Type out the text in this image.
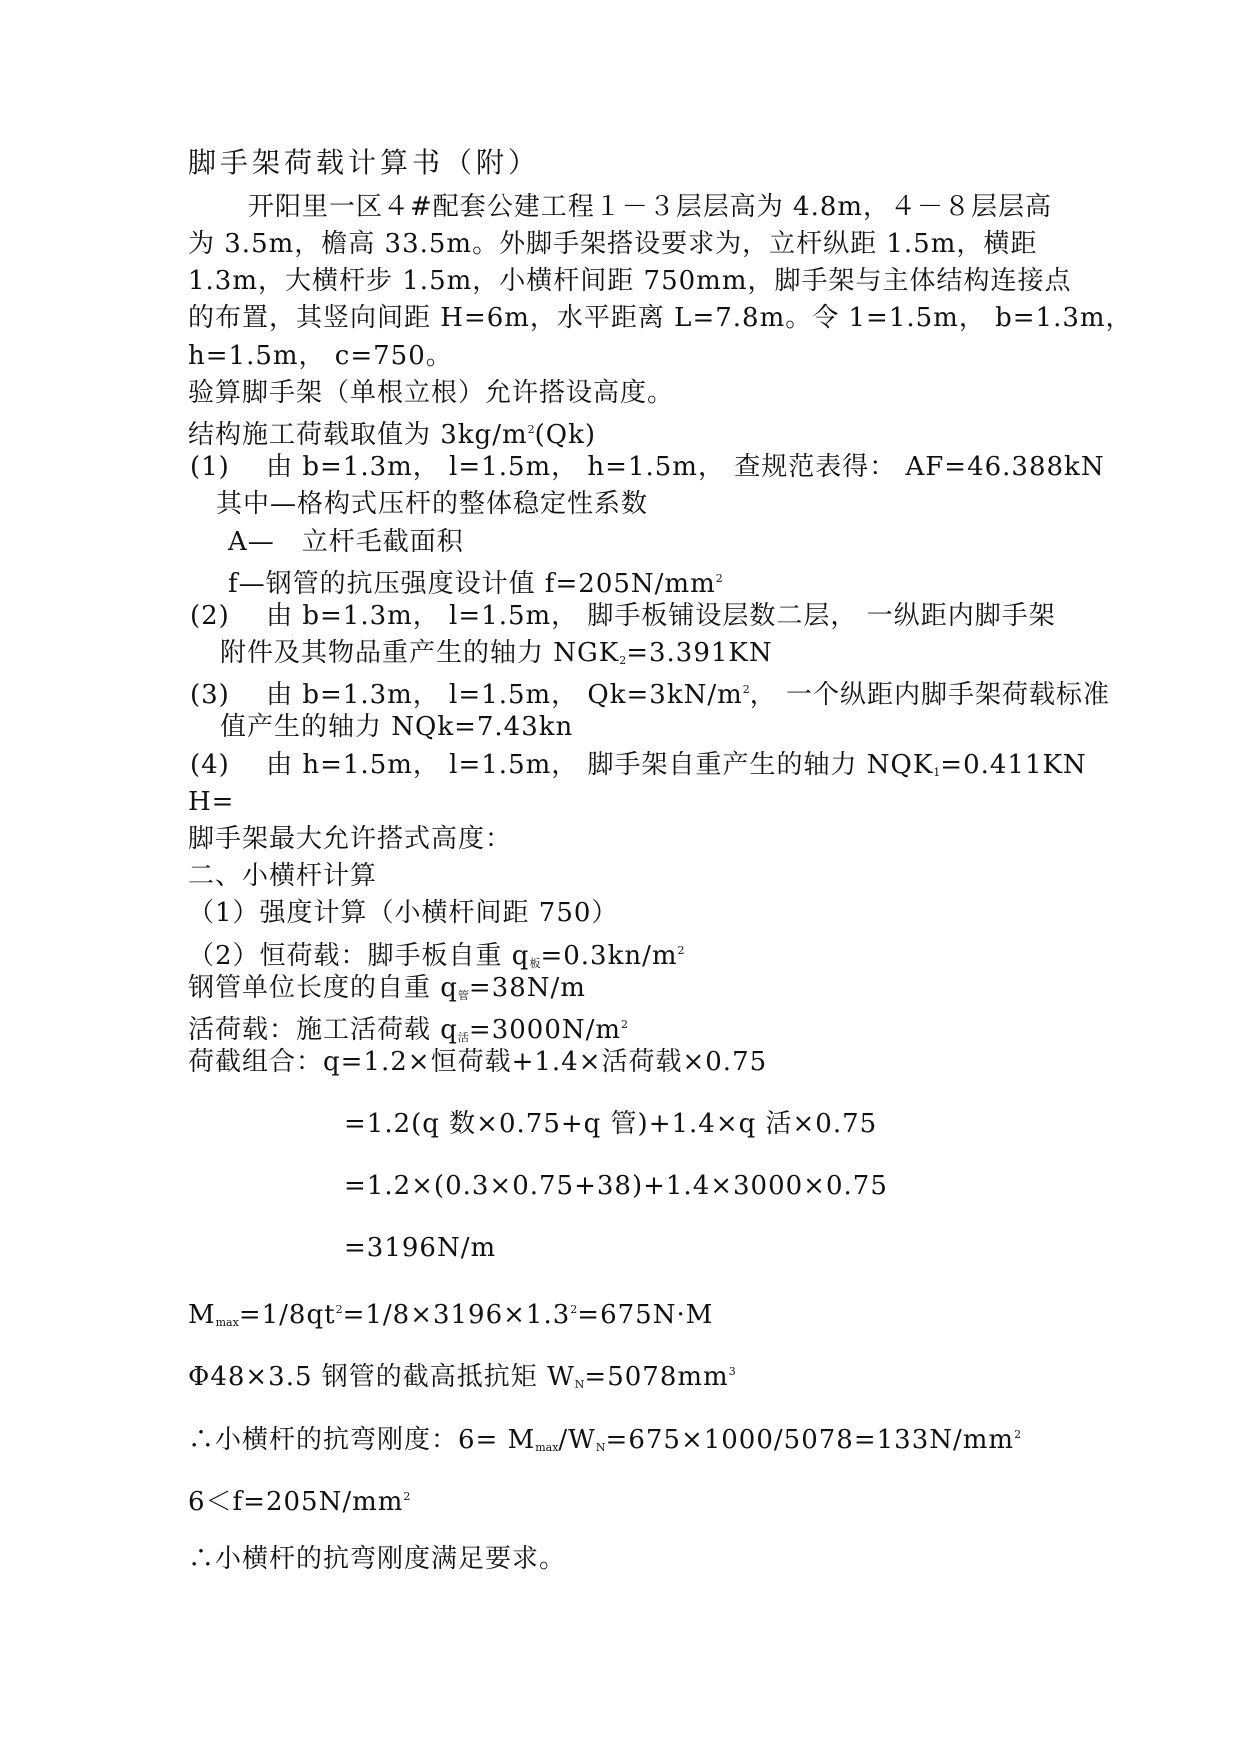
脚手架荷载计算书（附）
开阳里一区４#配套公建工程１－３层层高为 4.8m，４－８层层高
为 3.5m，檐高 33.5m。外脚手架搭设要求为，立杆纵距 1.5m，横距
1.3m，大横杆步 1.5m，小横杆间距 750mm，脚手架与主体结构连接点
的布置，其竖向间距 H=6m，水平距离 L=7.8m。令 1=1.5m， b=1.3m，
h=1.5m， c=750。
验算脚手架（单根立根）允许搭设高度。
结构施工荷载取值为 $3kg/m^2(Qk)$
(1)　 由 b=1.3m， l=1.5m， h=1.5m， 查规范表得： AF=46.388kN
其中—格构式压杆的整体稳定性系数
A—　立杆毛截面积
f—钢管的抗压强度设计值 $f=205N/mm^2$
(2)　 由 b=1.3m， l=1.5m， 脚手板铺设层数二层， 一纵距内脚手架
附件及其物品重产生的轴力 $NGK_2=3.391KN$
(3)　 由 b=1.3m， l=1.5m， $Qk=3kN/m^2$， 一个纵距内脚手架荷载标准
值产生的轴力 NQk=7.43kn
(4)　 由 h=1.5m， l=1.5m， 脚手架自重产生的轴力 $NQK_1=0.411KN$
H=
脚手架最大允许搭式高度：
二、小横杆计算
（1）强度计算（小横杆间距 750）
（2）恒荷载：脚手板自重 $q_板=0.3kn/m^2$
钢管单位长度的自重 $q_管=38N/m$
活荷载：施工活荷载 $q_活=3000N/m^2$
荷截组合：q=1.2×恒荷载+1.4×活荷载×0.75
=1.2(q 数×0.75+q 管)+1.4×q 活×0.75
=1.2×(0.3×0.75+38)+1.4×3000×0.75
=3196N/m
$M_{max}=1/8qt^2=1/8\times 3196\times 1.3^2=675N\cdot M$
Φ48×3.5 钢管的截高抵抗矩 $W_N=5078mm^3$
∴小横杆的抗弯刚度：$6= M_{max}/W_N=675\times 1000/5078=133N/mm^2$
$6<f=205N/mm^2$
∴小横杆的抗弯刚度满足要求。
